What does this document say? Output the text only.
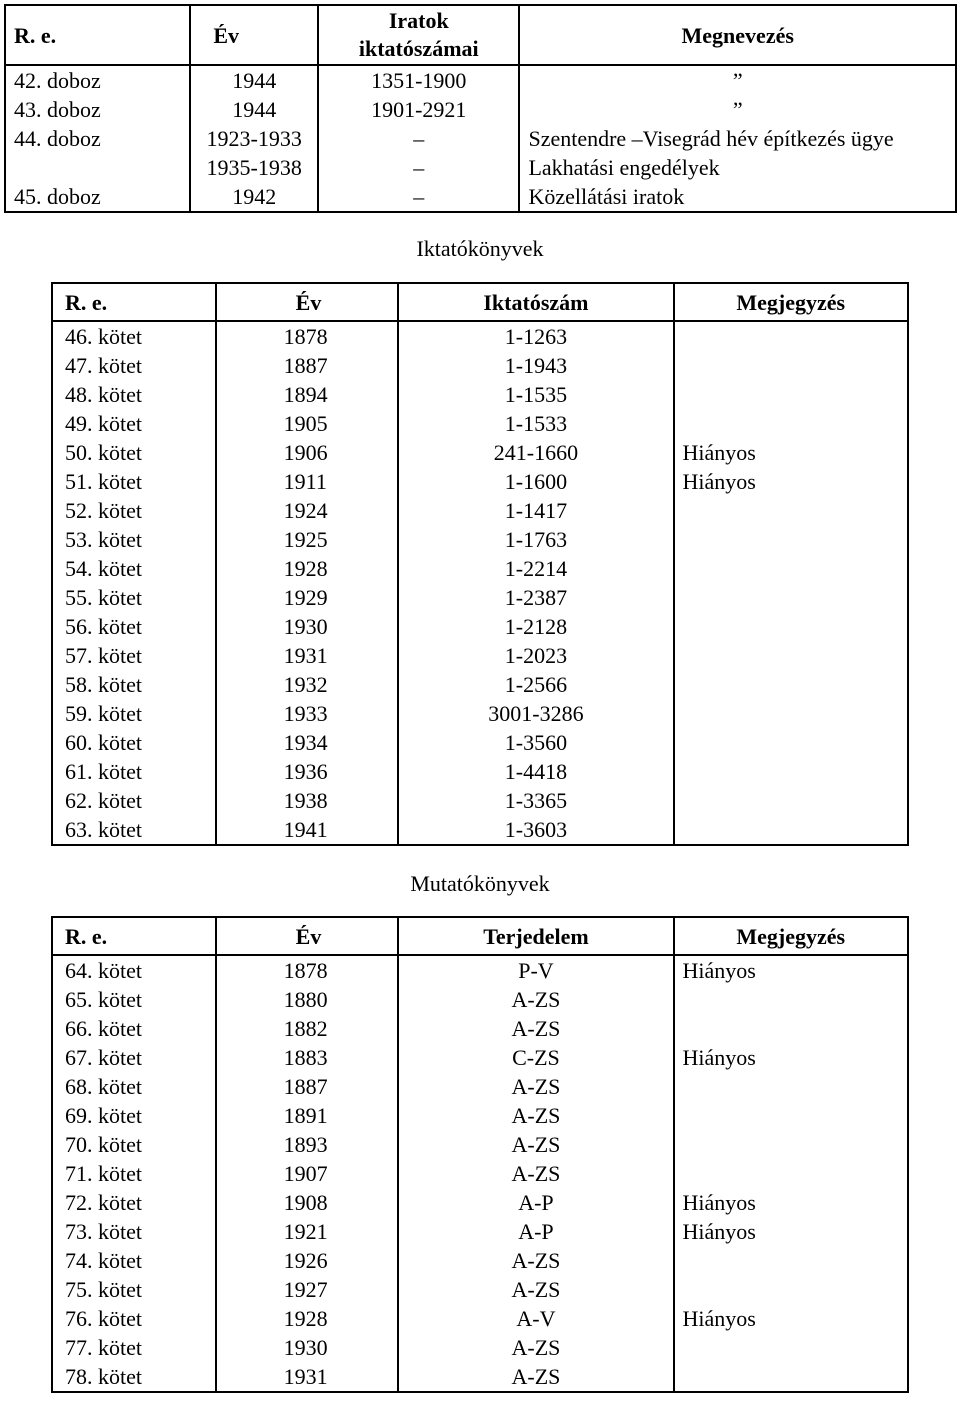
R. e.	Év	Iratok
iktatószámai	Megnevezés
42. doboz	1944	1351-1900	”
43. doboz	1944	1901-2921	”
44. doboz	1923-1933	–	Szentendre –Visegrád hév építkezés ügye
	1935-1938	–	Lakhatási engedélyek
45. doboz	1942	–	Közellátási iratok
Iktatókönyvek
R. e.	Év	Iktatószám	Megjegyzés
46. kötet	1878	1-1263	
47. kötet	1887	1-1943	
48. kötet	1894	1-1535	
49. kötet	1905	1-1533	
50. kötet	1906	241-1660	Hiányos
51. kötet	1911	1-1600	Hiányos
52. kötet	1924	1-1417	
53. kötet	1925	1-1763	
54. kötet	1928	1-2214	
55. kötet	1929	1-2387	
56. kötet	1930	1-2128	
57. kötet	1931	1-2023	
58. kötet	1932	1-2566	
59. kötet	1933	3001-3286	
60. kötet	1934	1-3560	
61. kötet	1936	1-4418	
62. kötet	1938	1-3365	
63. kötet	1941	1-3603	
Mutatókönyvek
R. e.	Év	Terjedelem	Megjegyzés
64. kötet	1878	P-V	Hiányos
65. kötet	1880	A-ZS	
66. kötet	1882	A-ZS	
67. kötet	1883	C-ZS	Hiányos
68. kötet	1887	A-ZS	
69. kötet	1891	A-ZS	
70. kötet	1893	A-ZS	
71. kötet	1907	A-ZS	
72. kötet	1908	A-P	Hiányos
73. kötet	1921	A-P	Hiányos
74. kötet	1926	A-ZS	
75. kötet	1927	A-ZS	
76. kötet	1928	A-V	Hiányos
77. kötet	1930	A-ZS	
78. kötet	1931	A-ZS	
